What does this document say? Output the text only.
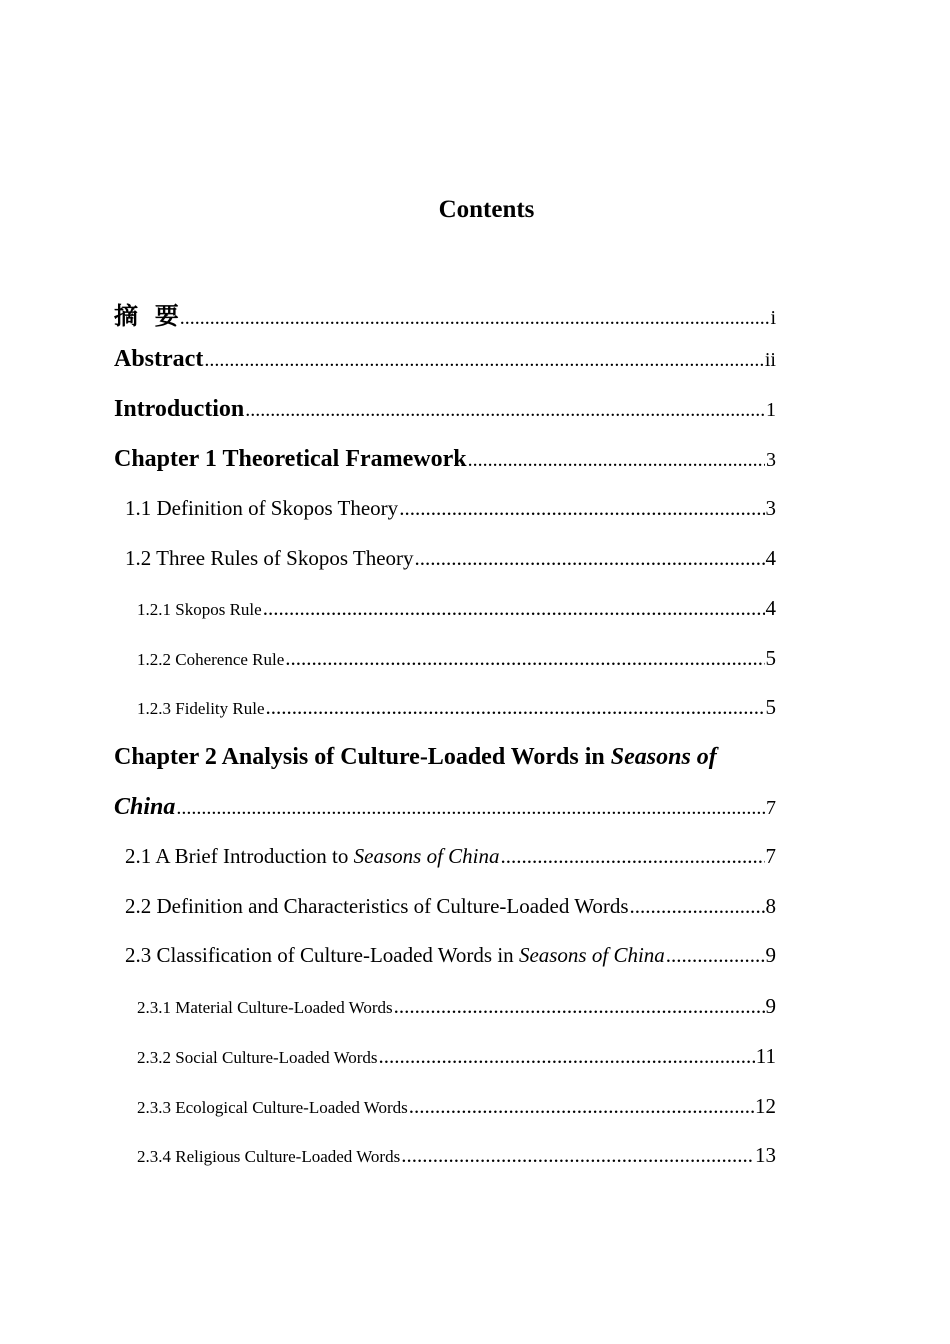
Contents
摘  要 .....	i
Abstract .....	ii
Introduction .....	1
Chapter 1 Theoretical Framework .....	3
1.1 Definition of Skopos Theory .....	3
1.2 Three Rules of Skopos Theory .....	4
1.2.1 Skopos Rule .....	4
1.2.2 Coherence Rule .....	5
1.2.3 Fidelity Rule .....	5
Chapter 2 Analysis of Culture-Loaded Words in Seasons of
China .....	7
2.1 A Brief Introduction to Seasons of China .....	7
2.2 Definition and Characteristics of Culture-Loaded Words .....	8
2.3 Classification of Culture-Loaded Words in Seasons of China .....	9
2.3.1 Material Culture-Loaded Words .....	9
2.3.2 Social Culture-Loaded Words .....	11
2.3.3 Ecological Culture-Loaded Words .....	12
2.3.4 Religious Culture-Loaded Words .....	13
